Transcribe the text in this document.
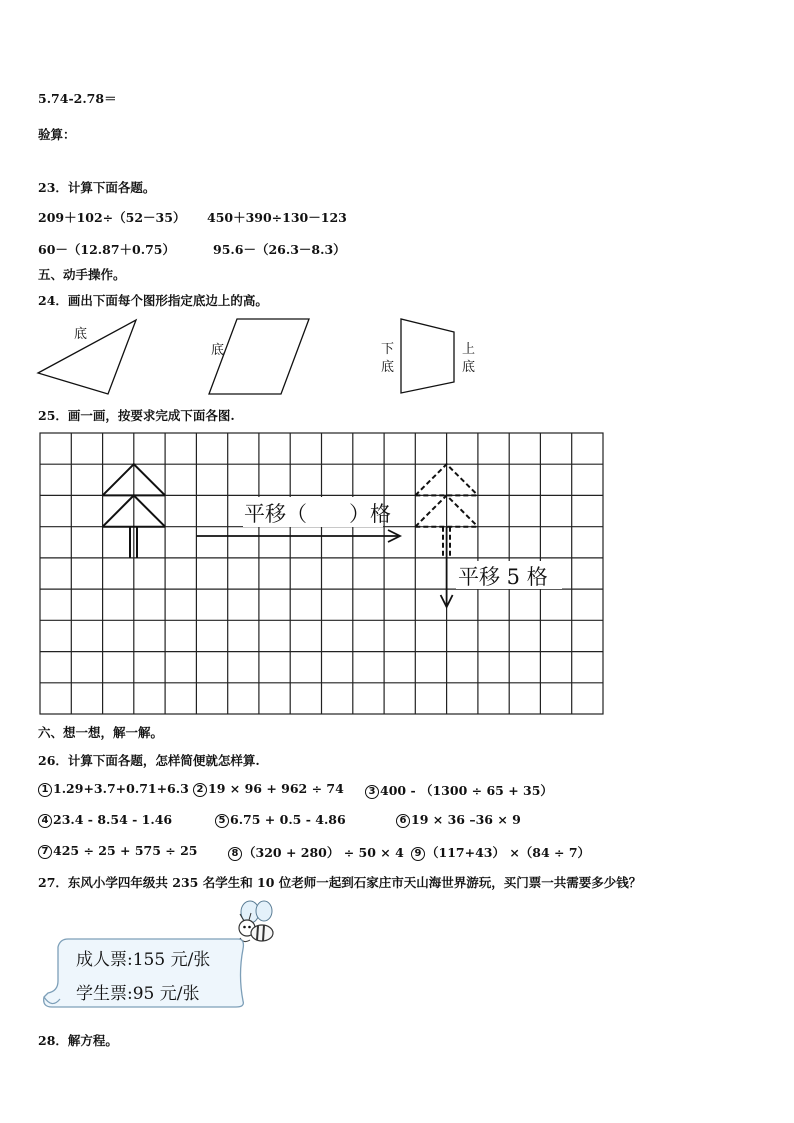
5.74-2.78＝
验算：
23．计算下面各题。
209＋102÷（52－35） 450＋390÷130－123
60－（12.87＋0.75）	95.6－（26.3－8.3）
五、动手操作。
24．画出下面每个图形指定底边上的高。
底
底	下
底
上
底
25．画一画，按要求完成下面各图.
平移（　　）格
平移 5 格
六、想一想，解一解。
26．计算下面各题，怎样简便就怎样算.
1 1.29+3.7+0.71+6.3 2 19 × 96 + 962 ÷ 74	3 400 - （1300 ÷ 65 + 35）
4 23.4 - 8.54 - 1.46	5 6.75 + 0.5 - 4.86	6 19 × 36 –36 × 9
7 425 ÷ 25 + 575 ÷ 25	8 （320 + 280） ÷ 50 × 4	9 （117+43） ×（84 ÷ 7）
27．东风小学四年级共 235 名学生和 10 位老师一起到石家庄市天山海世界游玩，买门票一共需要多少钱？
成人票:155 元/张
学生票:95 元/张
28．解方程。
